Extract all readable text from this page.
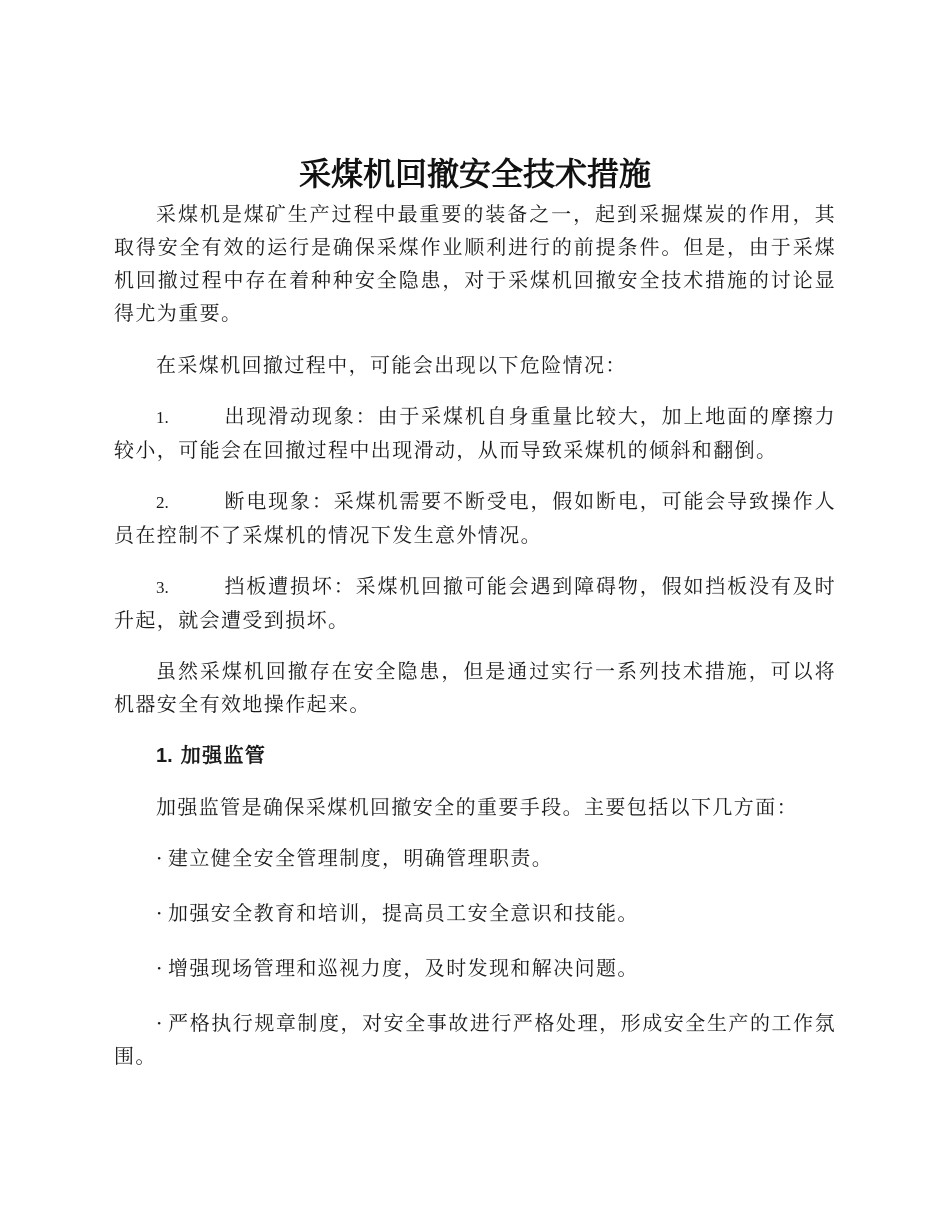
采煤机回撤安全技术措施

采煤机是煤矿生产过程中最重要的装备之一，起到采掘煤炭的作用，其取得安全有效的运行是确保采煤作业顺利进行的前提条件。但是，由于采煤机回撤过程中存在着种种安全隐患，对于采煤机回撤安全技术措施的讨论显得尤为重要。

在采煤机回撤过程中，可能会出现以下危险情况：

1.	出现滑动现象：由于采煤机自身重量比较大，加上地面的摩擦力较小，可能会在回撤过程中出现滑动，从而导致采煤机的倾斜和翻倒。

2.	断电现象：采煤机需要不断受电，假如断电，可能会导致操作人员在控制不了采煤机的情况下发生意外情况。

3.	挡板遭损坏：采煤机回撤可能会遇到障碍物，假如挡板没有及时升起，就会遭受到损坏。

虽然采煤机回撤存在安全隐患，但是通过实行一系列技术措施，可以将机器安全有效地操作起来。

1. 加强监管

加强监管是确保采煤机回撤安全的重要手段。主要包括以下几方面：

· 建立健全安全管理制度，明确管理职责。

· 加强安全教育和培训，提高员工安全意识和技能。

· 增强现场管理和巡视力度，及时发现和解决问题。

· 严格执行规章制度，对安全事故进行严格处理，形成安全生产的工作氛围。
